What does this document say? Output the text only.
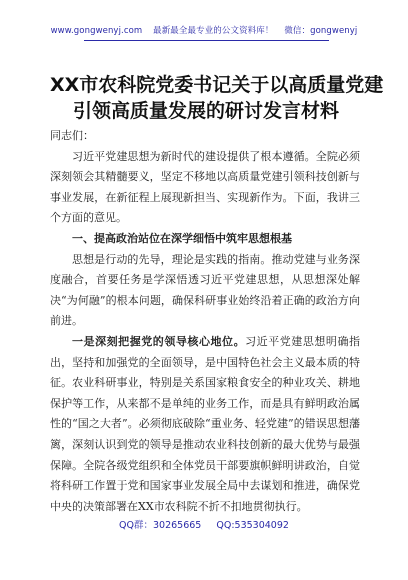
www.gongwenyj.com 最新最全最专业的公文资料库！ 微信：gongwenyj
XX市农科院党委书记关于以高质量党建
引领高质量发展的研讨发言材料

同志们：

习近平党建思想为新时代的建设提供了根本遵循。全院必须深刻领会其精髓要义，坚定不移地以高质量党建引领科技创新与事业发展，在新征程上展现新担当、实现新作为。下面，我讲三个方面的意见。

一、提高政治站位在深学细悟中筑牢思想根基

思想是行动的先导，理论是实践的指南。推动党建与业务深度融合，首要任务是学深悟透习近平党建思想，从思想深处解决“为何融”的根本问题，确保科研事业始终沿着正确的政治方向前进。

一是深刻把握党的领导核心地位。习近平党建思想明确指出，坚持和加强党的全面领导，是中国特色社会主义最本质的特征。农业科研事业，特别是关系国家粮食安全的种业攻关、耕地保护等工作，从来都不是单纯的业务工作，而是具有鲜明政治属性的“国之大者”。必须彻底破除“重业务、轻党建”的错误思想藩篱，深刻认识到党的领导是推动农业科技创新的最大优势与最强保障。全院各级党组织和全体党员干部要旗帜鲜明讲政治，自觉将科研工作置于党和国家事业发展全局中去谋划和推进，确保党中央的决策部署在XX市农科院不折不扣地贯彻执行。

QQ群：30265665 QQ:535304092
